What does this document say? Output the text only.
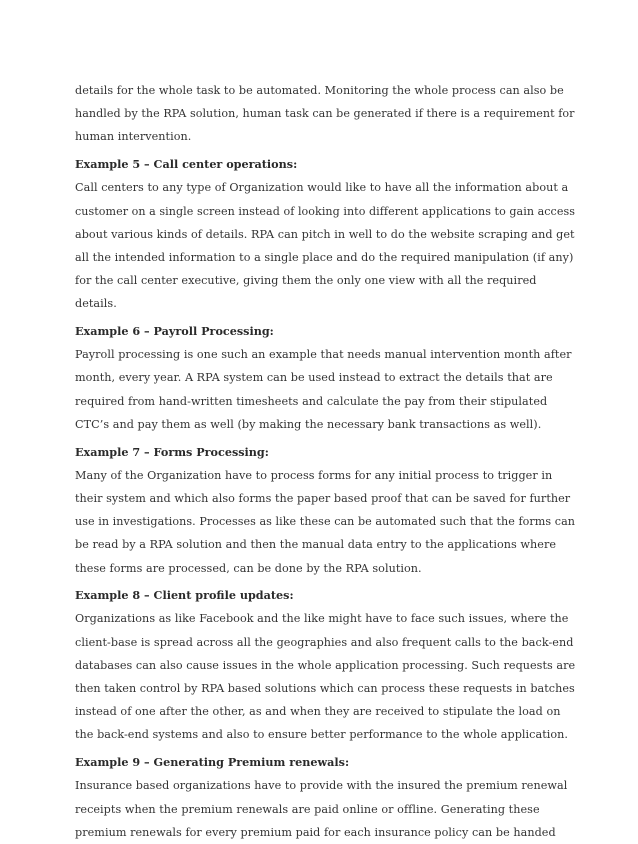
details for the whole task to be automated. Monitoring the whole process can also be
handled by the RPA solution, human task can be generated if there is a requirement for
human intervention.
Example 5 – Call center operations:
Call centers to any type of Organization would like to have all the information about a
customer on a single screen instead of looking into different applications to gain access
about various kinds of details. RPA can pitch in well to do the website scraping and get
all the intended information to a single place and do the required manipulation (if any)
for the call center executive, giving them the only one view with all the required
details.
Example 6 – Payroll Processing:
Payroll processing is one such an example that needs manual intervention month after
month, every year. A RPA system can be used instead to extract the details that are
required from hand-written timesheets and calculate the pay from their stipulated
CTC’s and pay them as well (by making the necessary bank transactions as well).
Example 7 – Forms Processing:
Many of the Organization have to process forms for any initial process to trigger in
their system and which also forms the paper based proof that can be saved for further
use in investigations. Processes as like these can be automated such that the forms can
be read by a RPA solution and then the manual data entry to the applications where
these forms are processed, can be done by the RPA solution.
Example 8 – Client profile updates:
Organizations as like Facebook and the like might have to face such issues, where the
client-base is spread across all the geographies and also frequent calls to the back-end
databases can also cause issues in the whole application processing. Such requests are
then taken control by RPA based solutions which can process these requests in batches
instead of one after the other, as and when they are received to stipulate the load on
the back-end systems and also to ensure better performance to the whole application.
Example 9 – Generating Premium renewals:
Insurance based organizations have to provide with the insured the premium renewal
receipts when the premium renewals are paid online or offline. Generating these
premium renewals for every premium paid for each insurance policy can be handed
